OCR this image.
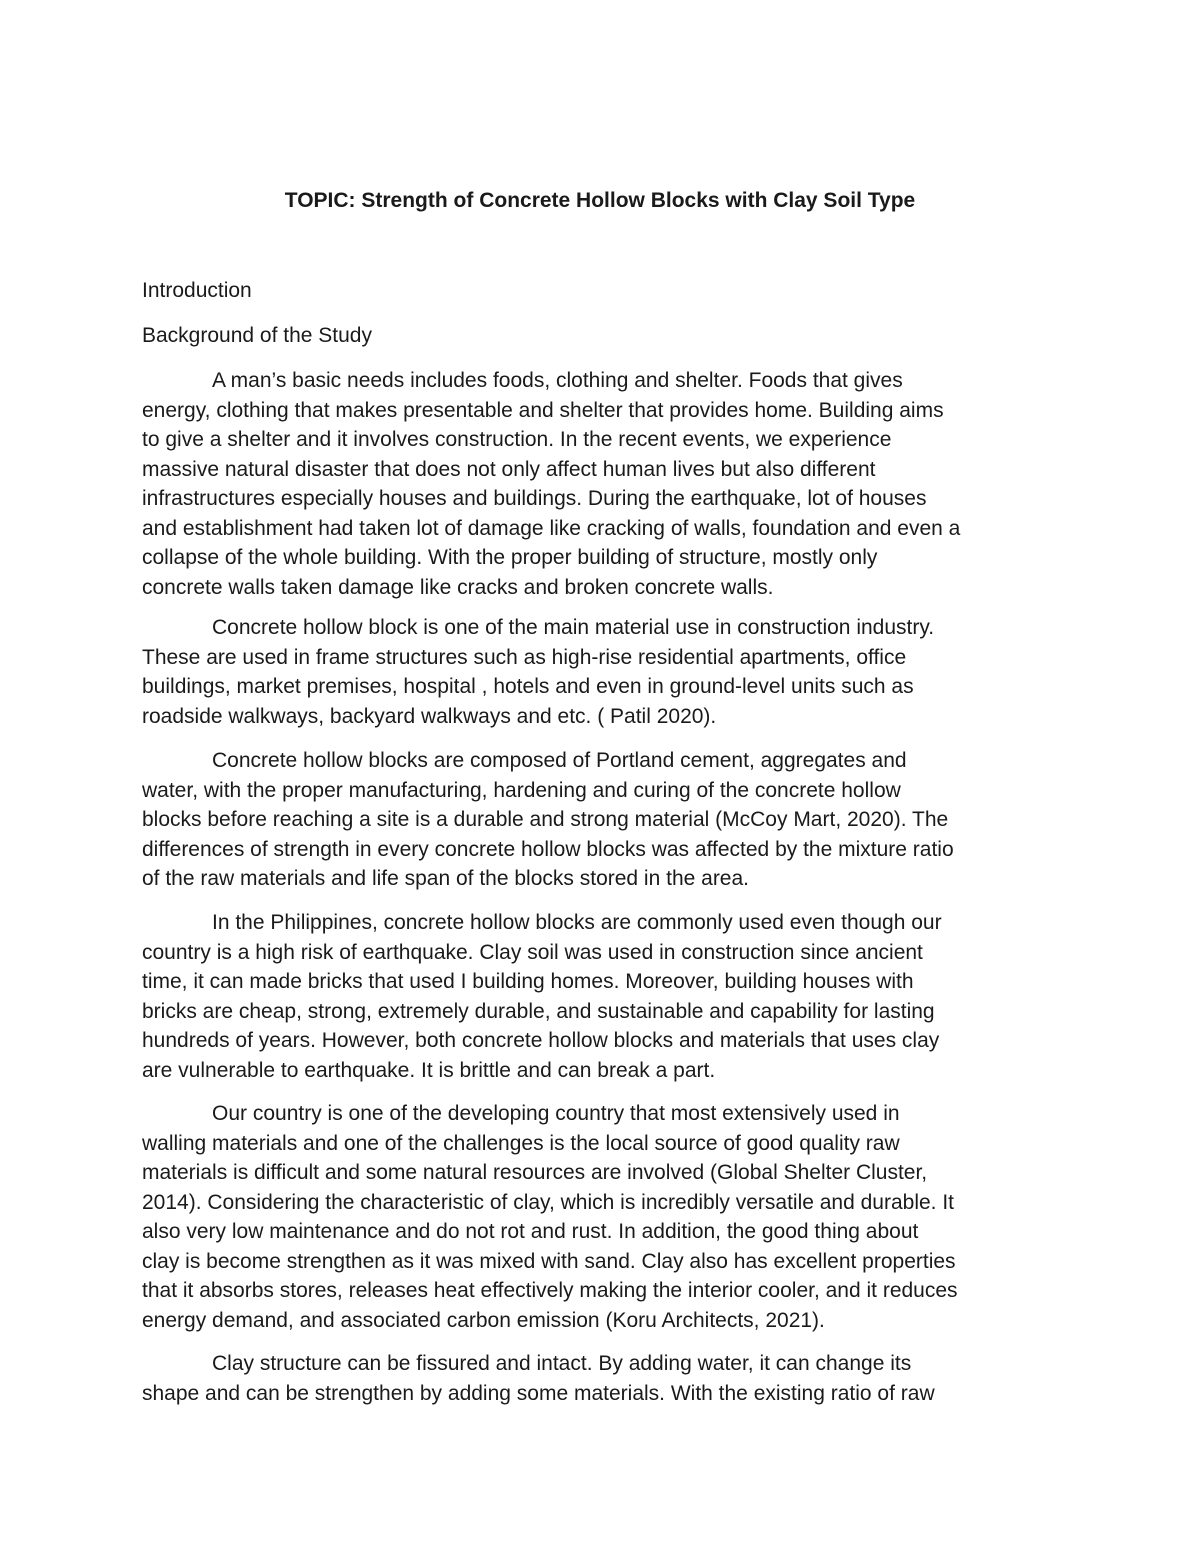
TOPIC: Strength of Concrete Hollow Blocks with Clay Soil Type

Introduction

Background of the Study

A man’s basic needs includes foods, clothing and shelter. Foods that gives
energy, clothing that makes presentable and shelter that provides home. Building aims
to give a shelter and it involves construction. In the recent events, we experience
massive natural disaster that does not only affect human lives but also different
infrastructures especially houses and buildings. During the earthquake, lot of houses
and establishment had taken lot of damage like cracking of walls, foundation and even a
collapse of the whole building. With the proper building of structure, mostly only
concrete walls taken damage like cracks and broken concrete walls.
Concrete hollow block is one of the main material use in construction industry.
These are used in frame structures such as high-rise residential apartments, office
buildings, market premises, hospital , hotels and even in ground-level units such as
roadside walkways, backyard walkways and etc. ( Patil 2020).
Concrete hollow blocks are composed of Portland cement, aggregates and
water, with the proper manufacturing, hardening and curing of the concrete hollow
blocks before reaching a site is a durable and strong material (McCoy Mart, 2020). The
differences of strength in every concrete hollow blocks was affected by the mixture ratio
of the raw materials and life span of the blocks stored in the area.
In the Philippines, concrete hollow blocks are commonly used even though our
country is a high risk of earthquake. Clay soil was used in construction since ancient
time, it can made bricks that used I building homes. Moreover, building houses with
bricks are cheap, strong, extremely durable, and sustainable and capability for lasting
hundreds of years. However, both concrete hollow blocks and materials that uses clay
are vulnerable to earthquake. It is brittle and can break a part.
Our country is one of the developing country that most extensively used in
walling materials and one of the challenges is the local source of good quality raw
materials is difficult and some natural resources are involved (Global Shelter Cluster,
2014). Considering the characteristic of clay, which is incredibly versatile and durable. It
also very low maintenance and do not rot and rust. In addition, the good thing about
clay is become strengthen as it was mixed with sand. Clay also has excellent properties
that it absorbs stores, releases heat effectively making the interior cooler, and it reduces
energy demand, and associated carbon emission (Koru Architects, 2021).
Clay structure can be fissured and intact. By adding water, it can change its
shape and can be strengthen by adding some materials. With the existing ratio of raw
